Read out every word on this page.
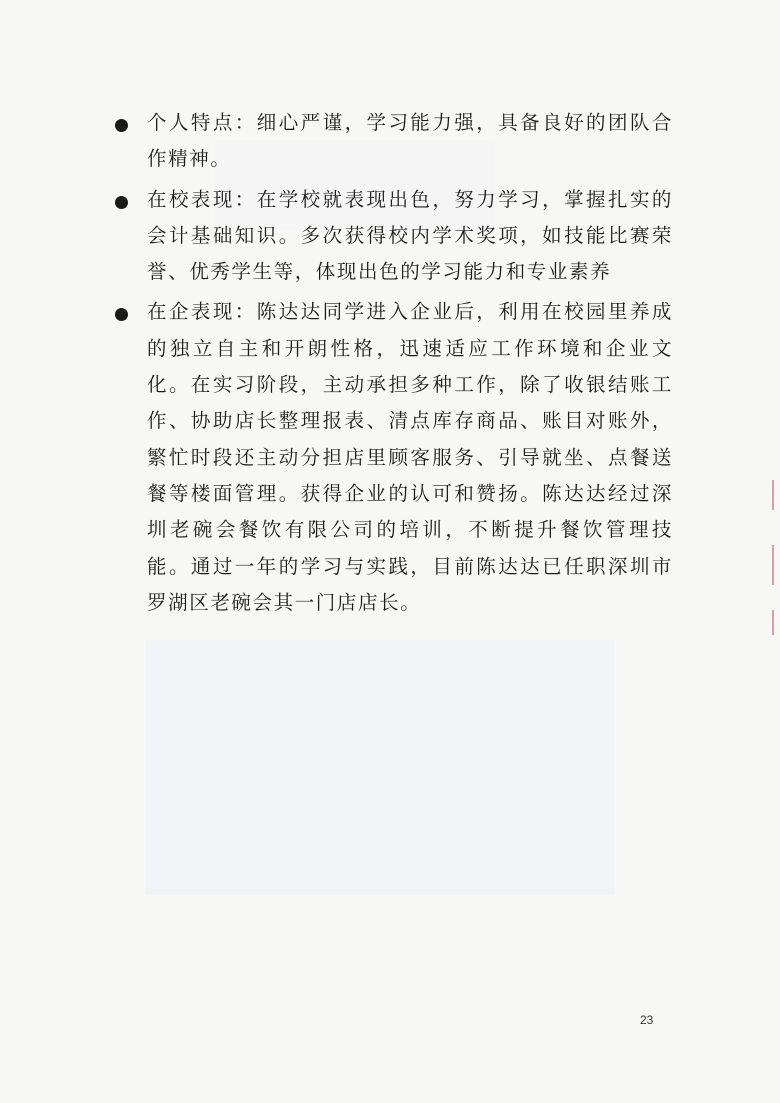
个人特点：细心严谨，学习能力强，具备良好的团队合作精神。
在校表现：在学校就表现出色，努力学习，掌握扎实的会计基础知识。多次获得校内学术奖项，如技能比赛荣誉、优秀学生等，体现出色的学习能力和专业素养
在企表现：陈达达同学进入企业后，利用在校园里养成的独立自主和开朗性格，迅速适应工作环境和企业文化。在实习阶段，主动承担多种工作，除了收银结账工作、协助店长整理报表、清点库存商品、账目对账外，繁忙时段还主动分担店里顾客服务、引导就坐、点餐送餐等楼面管理。获得企业的认可和赞扬。陈达达经过深圳老碗会餐饮有限公司的培训，不断提升餐饮管理技能。通过一年的学习与实践，目前陈达达已任职深圳市罗湖区老碗会其一门店店长。
23
